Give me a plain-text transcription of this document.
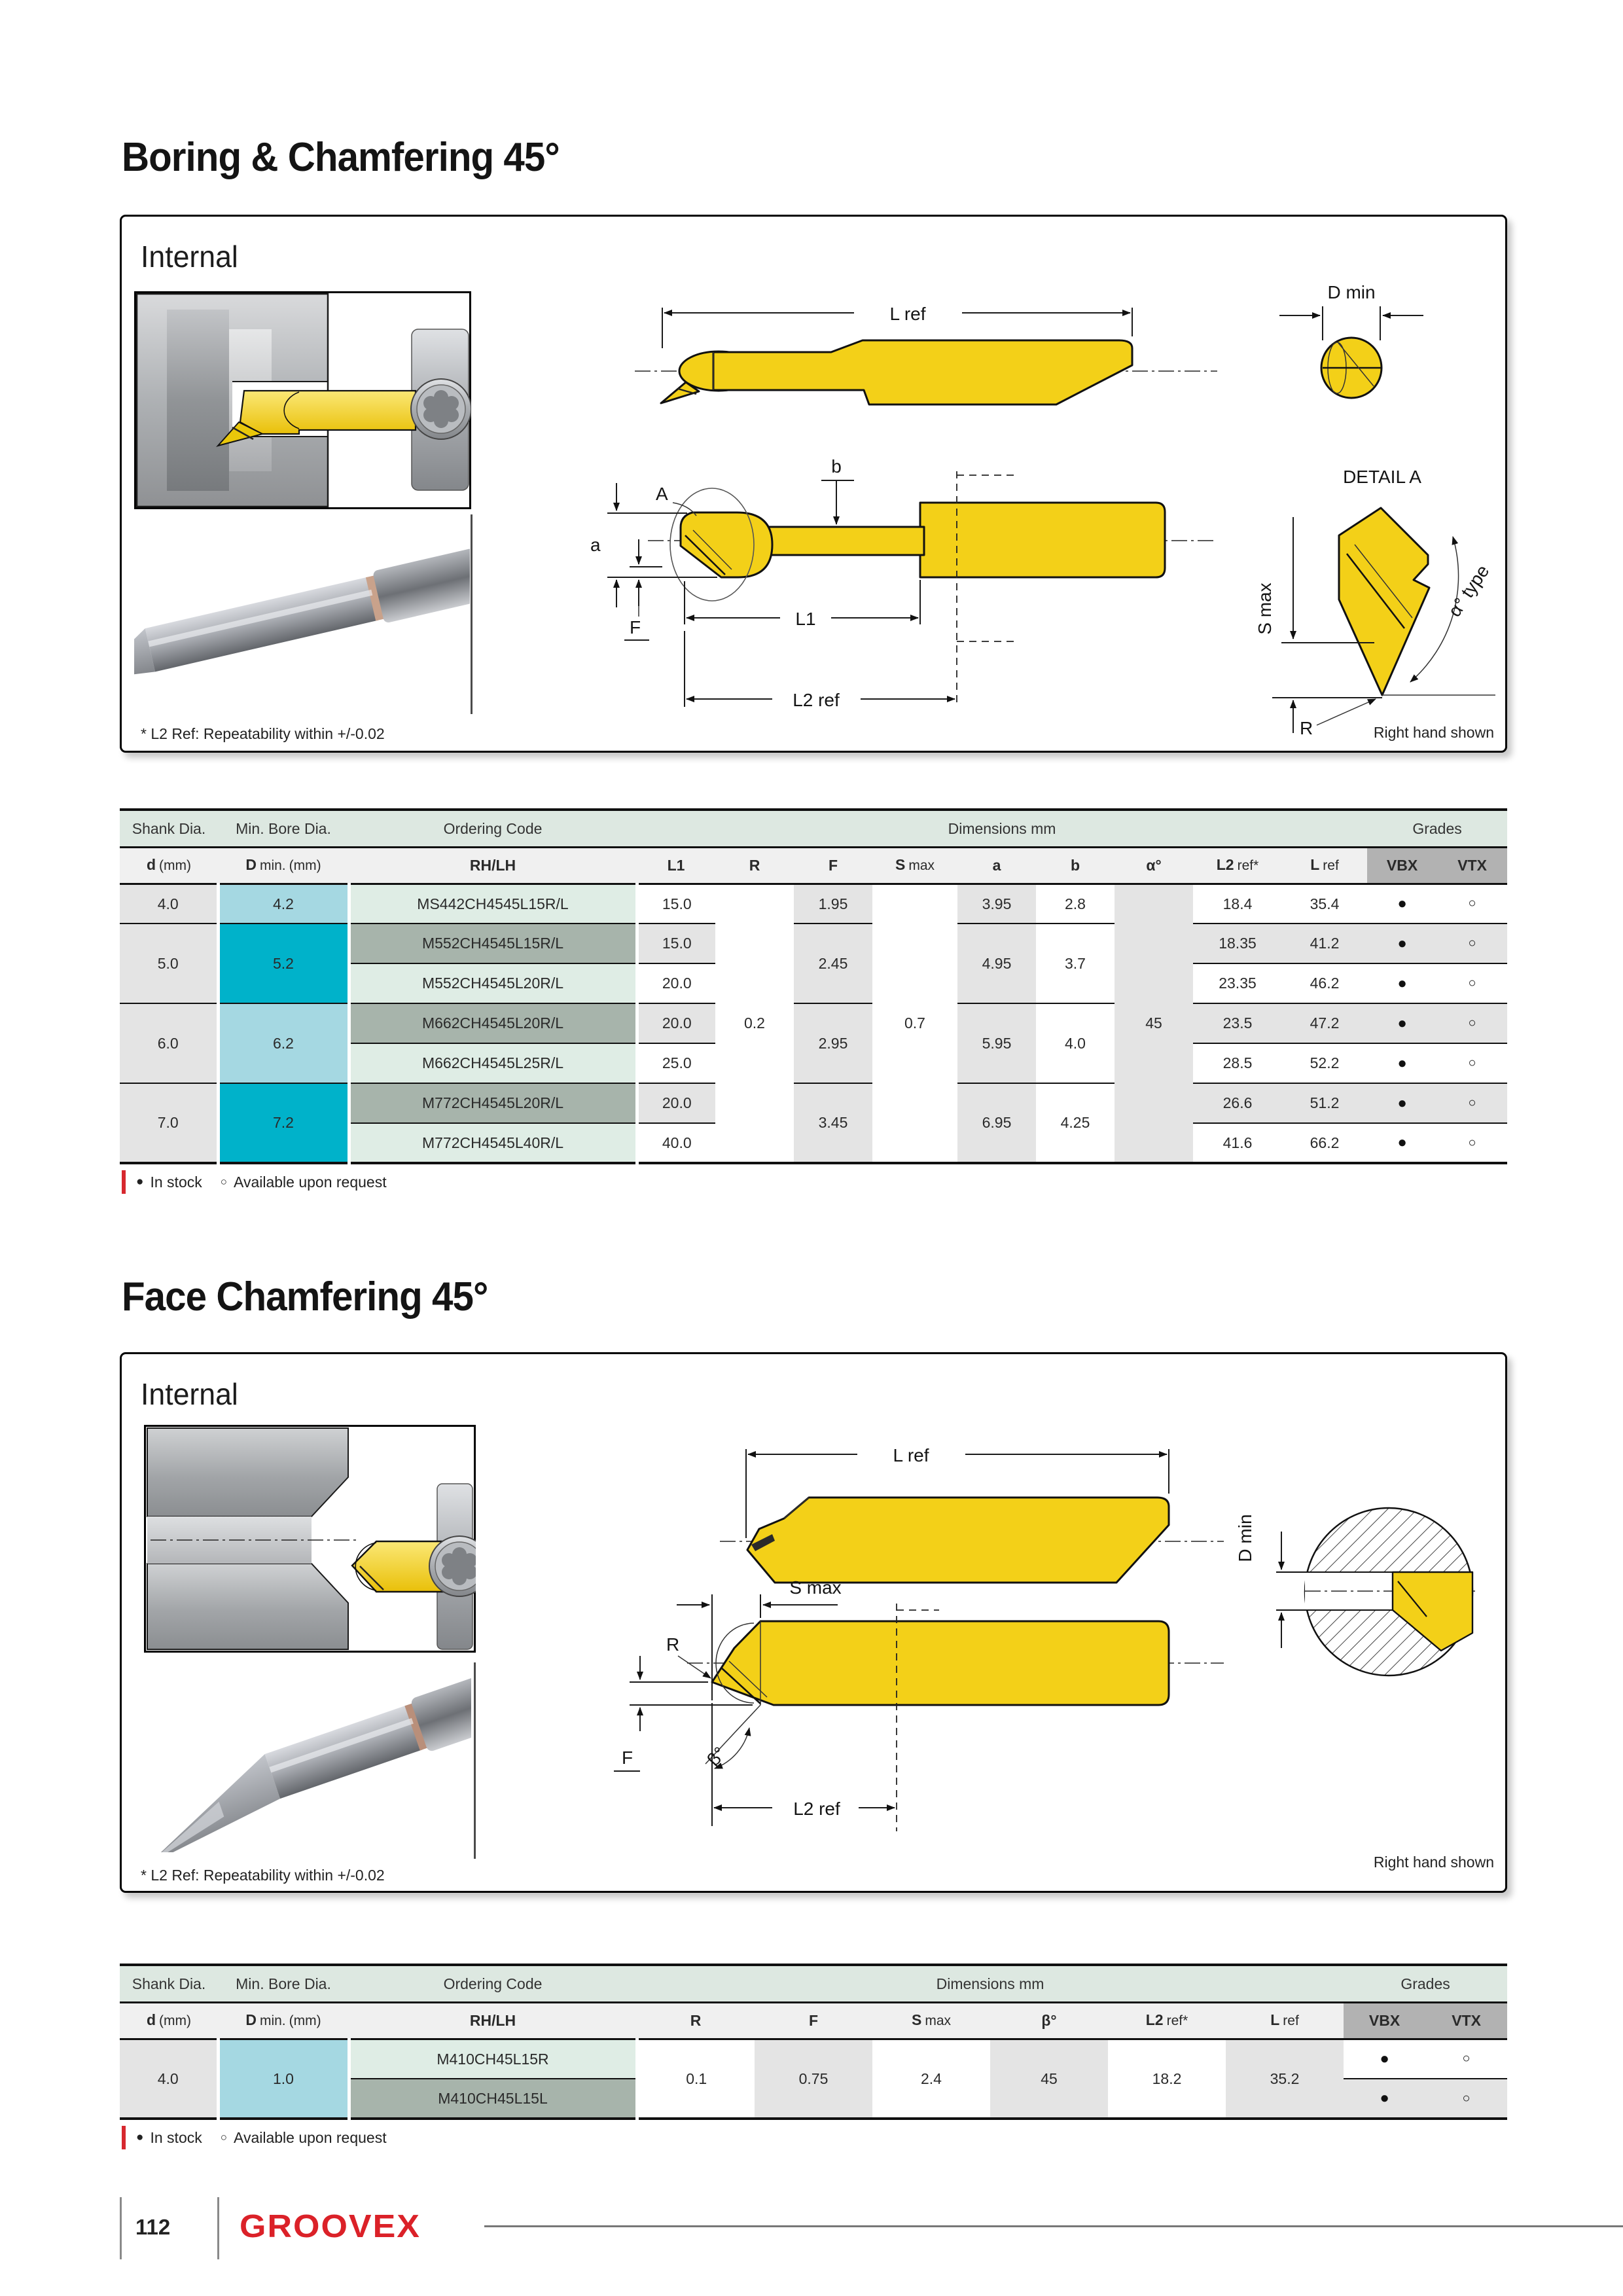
Boring & Chamfering 45°
Internal
L ref
D min
A
b
a
F	L1
L2 ref
DETAIL A
S max
R
α° type
* L2 Ref: Repeatability within +/-0.02	Right hand shown
Shank Dia.	Min. Bore Dia.	Ordering Code	Dimensions mm									Grades	
d (mm)	D min. (mm)	RH/LH	L1	R	F	S max	a	b	α°	L2 ref*	L ref	VBX	VTX
4.0	4.2	MS442CH4545L15R/L	15.0	0.2	1.95	0.7	3.95	2.8	45	18.4	35.4	●	○
5.0	5.2	M552CH4545L15R/L	15.0		2.45		4.95	3.7		18.35	41.2	●	○
		M552CH4545L20R/L	20.0							23.35	46.2	●	○
6.0	6.2	M662CH4545L20R/L	20.0		2.95		5.95	4.0		23.5	47.2	●	○
		M662CH4545L25R/L	25.0							28.5	52.2	●	○
7.0	7.2	M772CH4545L20R/L	20.0		3.45		6.95	4.25		26.6	51.2	●	○
		M772CH4545L40R/L	40.0							41.6	66.2	●	○
● In stock ○ Available upon request
Face Chamfering 45°
Internal
L ref
D min
S max
R
F	β°
L2 ref
Right hand shown
* L2 Ref: Repeatability within +/-0.02
Shank Dia.	Min. Bore Dia.	Ordering Code	Dimensions mm						Grades	
d (mm)	D min. (mm)	RH/LH	R	F	S max	β°	L2 ref*	L ref	VBX	VTX
4.0	1.0	M410CH45L15R	0.1	0.75	2.4	45	18.2	35.2	●	○
		M410CH45L15L							●	○
● In stock ○ Available upon request
112 GROOVEX
